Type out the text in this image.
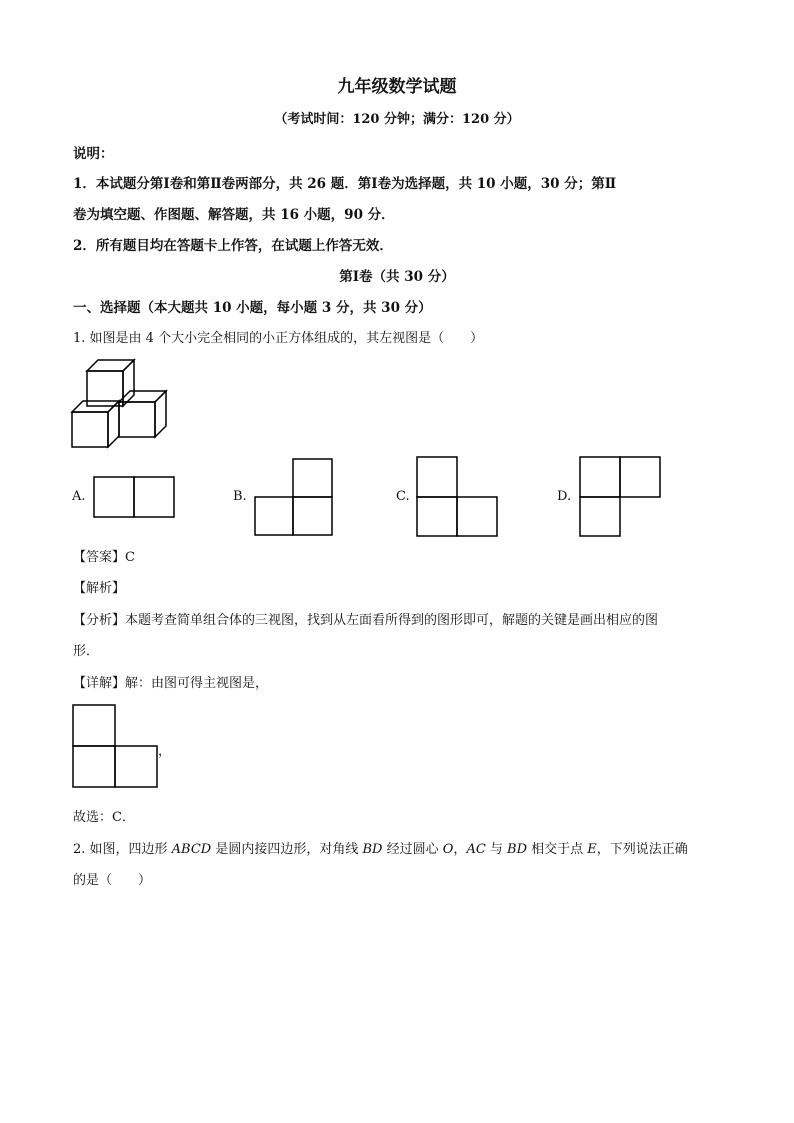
九年级数学试题
（考试时间：120 分钟；满分：120 分）
说明：
1．本试题分第Ⅰ卷和第Ⅱ卷两部分，共 26 题．第Ⅰ卷为选择题，共 10 小题，30 分；第Ⅱ
卷为填空题、作图题、解答题，共 16 小题，90 分．
2．所有题目均在答题卡上作答，在试题上作答无效．
第Ⅰ卷（共 30 分）
一、选择题（本大题共 10 小题，每小题 3 分，共 30 分）
1. 如图是由 4 个大小完全相同的小正方体组成的，其左视图是（　　）
A.	B.	C.	D.
【答案】C
【解析】
【分析】本题考查简单组合体的三视图，找到从左面看所得到的图形即可，解题的关键是画出相应的图
形．
【详解】解：由图可得主视图是，
，
故选：C．
2. 如图，四边形 ABCD 是圆内接四边形，对角线 BD 经过圆心 O，AC 与 BD 相交于点 E，下列说法正确
的是（　　）
